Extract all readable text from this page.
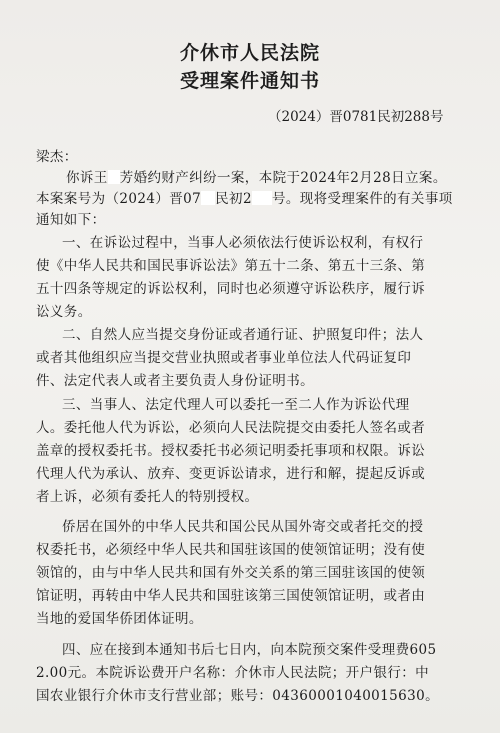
介休市人民法院
受理案件通知书
（2024）晋0781民初288号
梁杰：
你诉王 芳婚约财产纠纷一案，本院于2024年2月28日立案。
本案案号为（2024）晋07 民初2 号。现将受理案件的有关事项
通知如下：
一、在诉讼过程中，当事人必须依法行使诉讼权利，有权行
使《中华人民共和国民事诉讼法》第五十二条、第五十三条、第
五十四条等规定的诉讼权利，同时也必须遵守诉讼秩序，履行诉
讼义务。
二、自然人应当提交身份证或者通行证、护照复印件；法人
或者其他组织应当提交营业执照或者事业单位法人代码证复印
件、法定代表人或者主要负责人身份证明书。
三、当事人、法定代理人可以委托一至二人作为诉讼代理
人。委托他人代为诉讼，必须向人民法院提交由委托人签名或者
盖章的授权委托书。授权委托书必须记明委托事项和权限。诉讼
代理人代为承认、放弃、变更诉讼请求，进行和解，提起反诉或
者上诉，必须有委托人的特别授权。
侨居在国外的中华人民共和国公民从国外寄交或者托交的授
权委托书，必须经中华人民共和国驻该国的使领馆证明；没有使
领馆的，由与中华人民共和国有外交关系的第三国驻该国的使领
馆证明，再转由中华人民共和国驻该第三国使领馆证明，或者由
当地的爱国华侨团体证明。
四、应在接到本通知书后七日内，向本院预交案件受理费605
2.00元。本院诉讼费开户名称：介休市人民法院；开户银行：中
国农业银行介休市支行营业部；账号：04360001040015630。
